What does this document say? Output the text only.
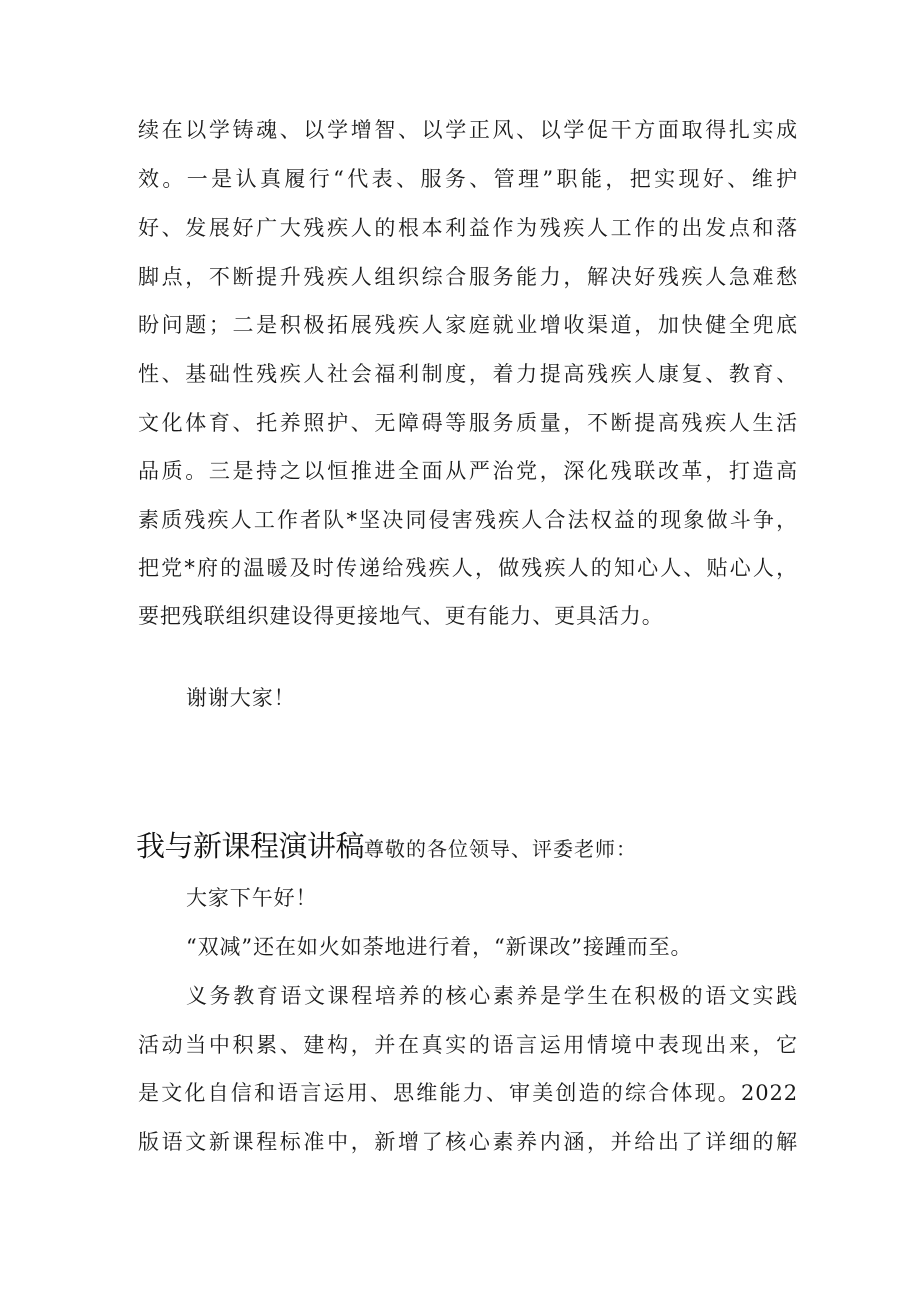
续在以学铸魂、以学增智、以学正风、以学促干方面取得扎实成
效。一是认真履行“代表、服务、管理”职能，把实现好、维护
好、发展好广大残疾人的根本利益作为残疾人工作的出发点和落
脚点，不断提升残疾人组织综合服务能力，解决好残疾人急难愁
盼问题；二是积极拓展残疾人家庭就业增收渠道，加快健全兜底
性、基础性残疾人社会福利制度，着力提高残疾人康复、教育、
文化体育、托养照护、无障碍等服务质量，不断提高残疾人生活
品质。三是持之以恒推进全面从严治党，深化残联改革，打造高
素质残疾人工作者队*坚决同侵害残疾人合法权益的现象做斗争，
把党*府的温暖及时传递给残疾人，做残疾人的知心人、贴心人，
要把残联组织建设得更接地气、更有能力、更具活力。
谢谢大家！
我与新课程演讲稿尊敬的各位领导、评委老师：
大家下午好！
“双减”还在如火如荼地进行着，“新课改”接踵而至。
义务教育语文课程培养的核心素养是学生在积极的语文实践
活动当中积累、建构，并在真实的语言运用情境中表现出来，它
是文化自信和语言运用、思维能力、审美创造的综合体现。2022
版语文新课程标准中，新增了核心素养内涵，并给出了详细的解
